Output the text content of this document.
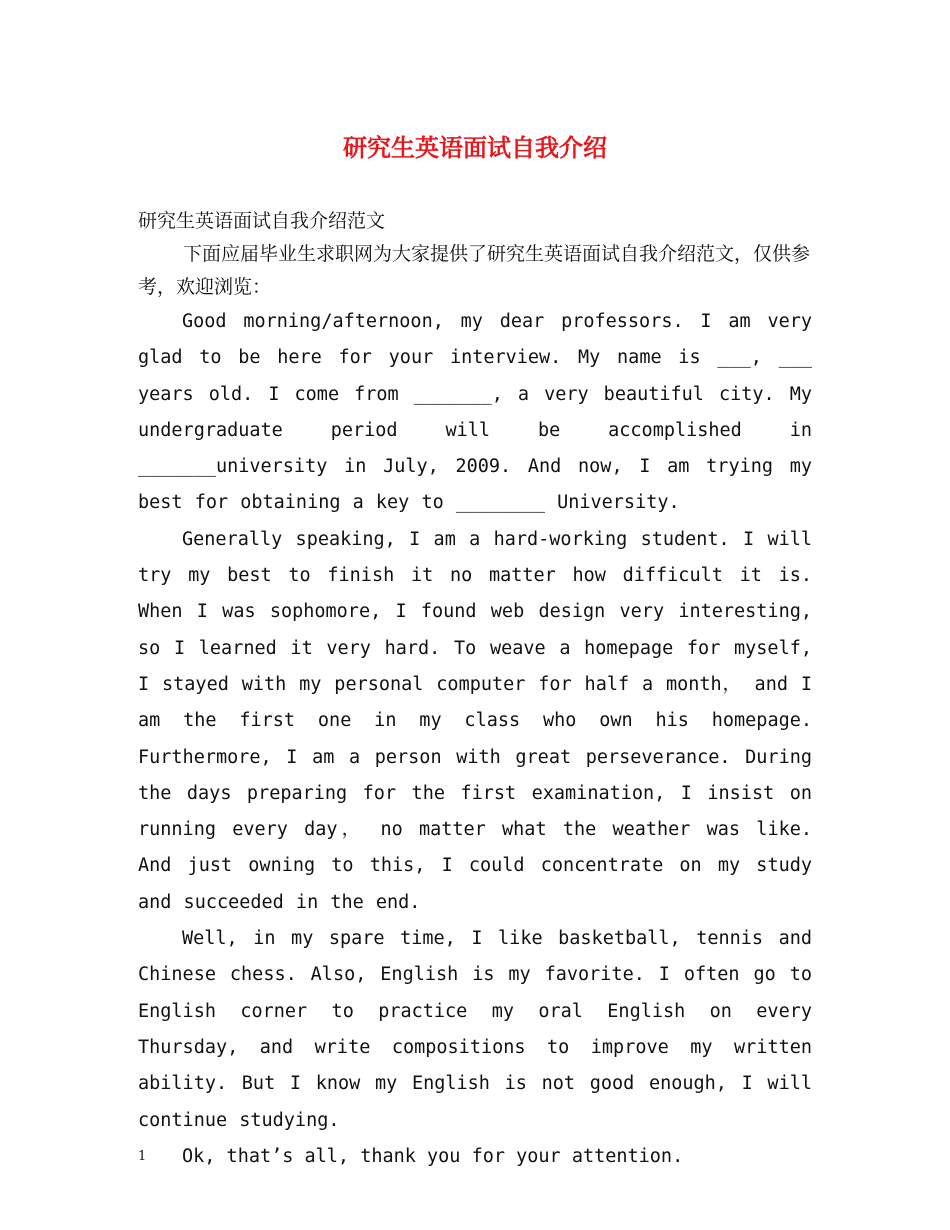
研究生英语面试自我介绍

研究生英语面试自我介绍范文

下面应届毕业生求职网为大家提供了研究生英语面试自我介绍范文，仅供参考，欢迎浏览：

Good morning/afternoon, my dear professors. I am very glad to be here for your interview. My name is ___, ___ years old. I come from _______, a very beautiful city. My undergraduate period will be accomplished in _______university in July, 2009. And now, I am trying my best for obtaining a key to ________ University.

Generally speaking, I am a hard-working student. I will try my best to finish it no matter how difficult it is. When I was sophomore, I found web design very interesting, so I learned it very hard. To weave a homepage for myself, I stayed with my personal computer for half a month， and I am the first one in my class who own his homepage. Furthermore, I am a person with great perseverance. During the days preparing for the first examination, I insist on running every day， no matter what the weather was like. And just owning to this, I could concentrate on my study and succeeded in the end.

Well, in my spare time, I like basketball, tennis and Chinese chess. Also, English is my favorite. I often go to English corner to practice my oral English on every Thursday, and write compositions to improve my written ability. But I know my English is not good enough, I will continue studying.

Ok, that’s all, thank you for your attention.

1
